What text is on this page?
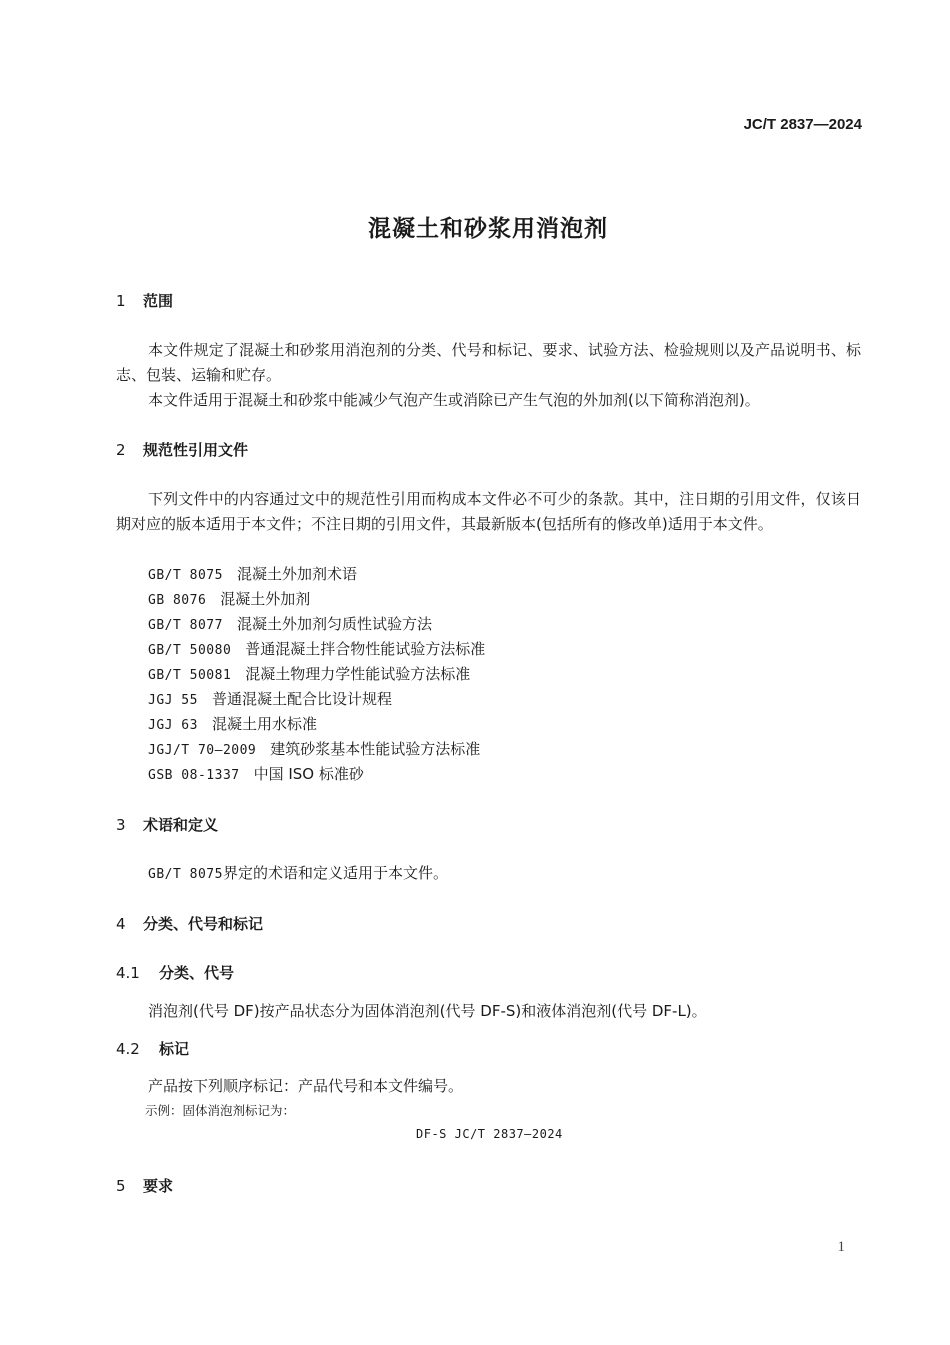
JC/T 2837—2024
混凝土和砂浆用消泡剂
1 范围
本文件规定了混凝土和砂浆用消泡剂的分类、代号和标记、要求、试验方法、检验规则以及产品说明书、标志、包装、运输和贮存。
本文件适用于混凝土和砂浆中能减少气泡产生或消除已产生气泡的外加剂(以下简称消泡剂)。
2 规范性引用文件
下列文件中的内容通过文中的规范性引用而构成本文件必不可少的条款。其中，注日期的引用文件，仅该日期对应的版本适用于本文件；不注日期的引用文件，其最新版本(包括所有的修改单)适用于本文件。
GB/T 8075 混凝土外加剂术语
GB 8076 混凝土外加剂
GB/T 8077 混凝土外加剂匀质性试验方法
GB/T 50080 普通混凝土拌合物性能试验方法标准
GB/T 50081 混凝土物理力学性能试验方法标准
JGJ 55 普通混凝土配合比设计规程
JGJ 63 混凝土用水标准
JGJ/T 70—2009 建筑砂浆基本性能试验方法标准
GSB 08-1337 中国 ISO 标准砂
3 术语和定义
GB/T 8075界定的术语和定义适用于本文件。
4 分类、代号和标记
4.1 分类、代号
消泡剂(代号 DF)按产品状态分为固体消泡剂(代号 DF-S)和液体消泡剂(代号 DF-L)。
4.2 标记
产品按下列顺序标记：产品代号和本文件编号。
示例：固体消泡剂标记为：
DF-S JC/T 2837—2024
5 要求
1
